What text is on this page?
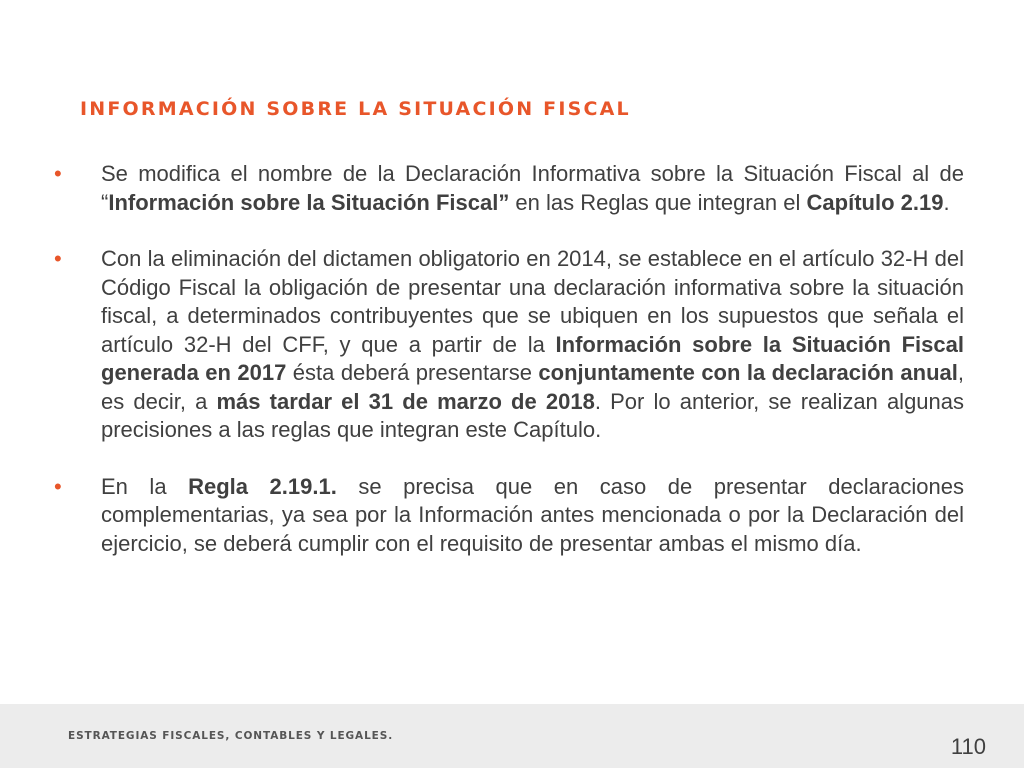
INFORMACIÓN SOBRE LA SITUACIÓN FISCAL
•	Se modifica el nombre de la Declaración Informativa sobre la Situación Fiscal al de “Información sobre la Situación Fiscal” en las Reglas que integran el Capítulo 2.19.
•	Con la eliminación del dictamen obligatorio en 2014, se establece en el artículo 32-H del Código Fiscal la obligación de presentar una declaración informativa sobre la situación fiscal, a determinados contribuyentes que se ubiquen en los supuestos que señala el artículo 32-H del CFF, y que a partir de la Información sobre la Situación Fiscal generada en 2017 ésta deberá presentarse conjuntamente con la declaración anual, es decir, a más tardar el 31 de marzo de 2018. Por lo anterior, se realizan algunas precisiones a las reglas que integran este Capítulo.
•	En la Regla 2.19.1. se precisa que en caso de presentar declaraciones complementarias, ya sea por la Información antes mencionada o por la Declaración del ejercicio, se deberá cumplir con el requisito de presentar ambas el mismo día.
ESTRATEGIAS FISCALES, CONTABLES Y LEGALES.	110
